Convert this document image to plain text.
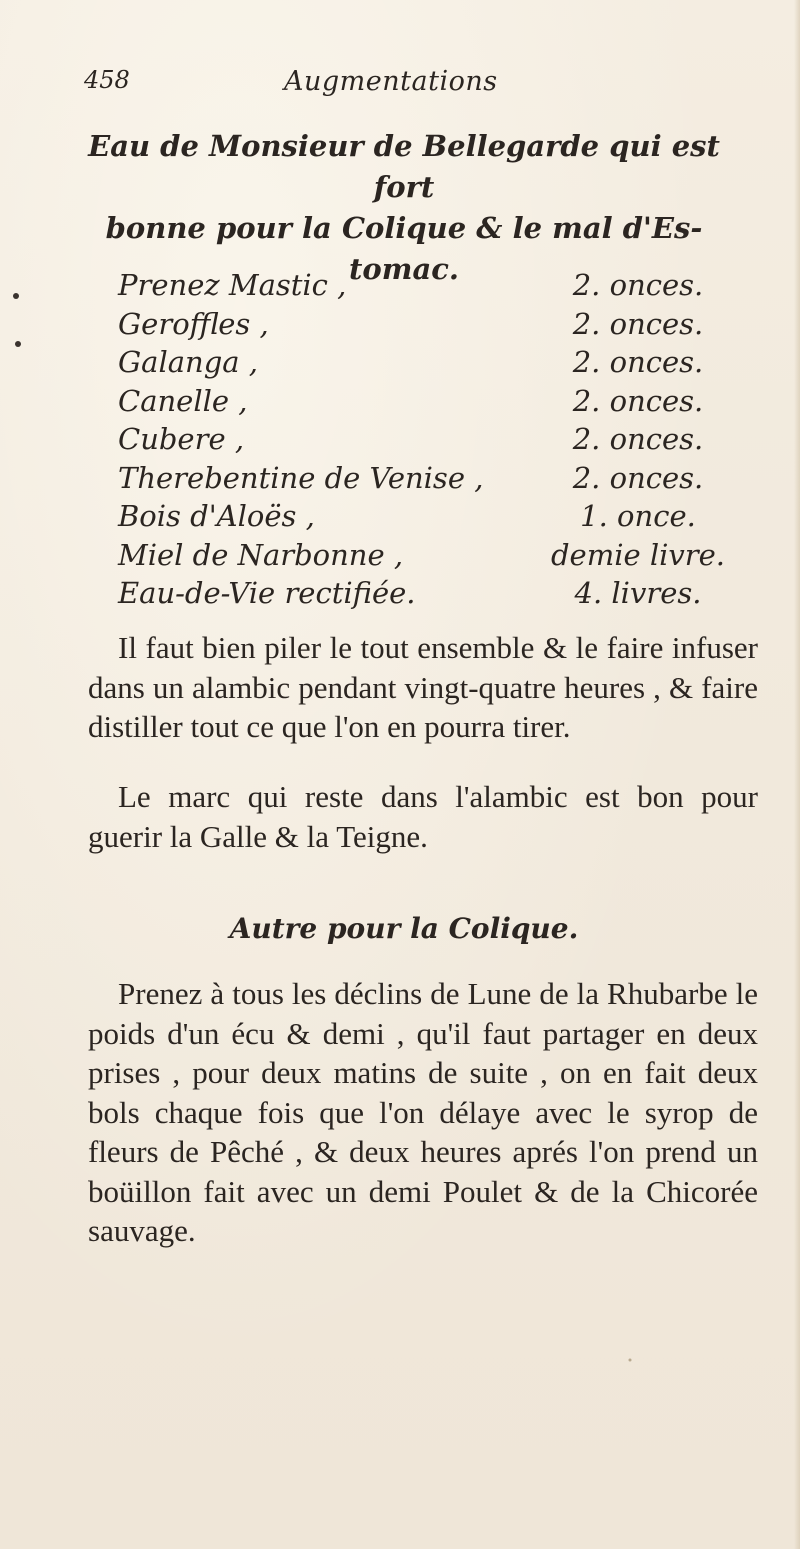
458	Augmentations
Eau de Monsieur de Bellegarde qui est fort
bonne pour la Colique & le mal d'Es-
tomac.
Prenez Mastic ,	2. onces.
Geroffles ,	2. onces.
Galanga ,	2. onces.
Canelle ,	2. onces.
Cubere ,	2. onces.
Therebentine de Venise ,	2. onces.
Bois d'Aloës ,	1. once.
Miel de Narbonne ,	demie livre.
Eau-de-Vie rectifiée.	4. livres.

Il faut bien piler le tout ensemble & le faire infuser dans un alambic pendant vingt-quatre heures , & faire distiller tout ce que l'on en pourra tirer.

Le marc qui reste dans l'alambic est bon pour guerir la Galle & la Teigne.

Autre pour la Colique.

Prenez à tous les déclins de Lune de la Rhubarbe le poids d'un écu & demi , qu'il faut partager en deux prises , pour deux matins de suite , on en fait deux bols chaque fois que l'on délaye avec le syrop de fleurs de Pêché , & deux heures aprés l'on prend un boüillon fait avec un demi Poulet & de la Chicorée sauvage.
